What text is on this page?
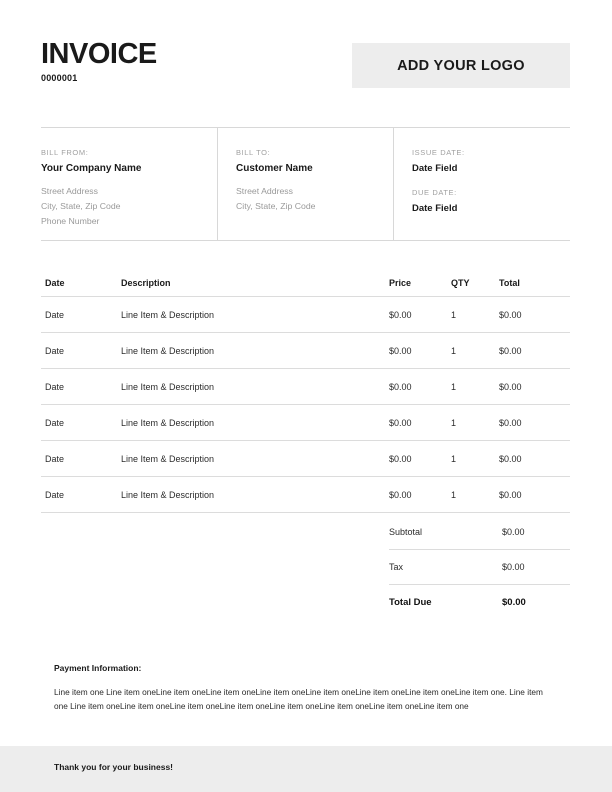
INVOICE
0000001
ADD YOUR LOGO
BILL FROM:
Your Company Name
Street Address
City, State, Zip Code
Phone Number
BILL TO:
Customer Name
Street Address
City, State, Zip Code
ISSUE DATE:
Date Field
DUE DATE:
Date Field
Date	Description	Price	QTY	Total
Date	Line Item & Description	$0.00	1	$0.00
Date	Line Item & Description	$0.00	1	$0.00
Date	Line Item & Description	$0.00	1	$0.00
Date	Line Item & Description	$0.00	1	$0.00
Date	Line Item & Description	$0.00	1	$0.00
Date	Line Item & Description	$0.00	1	$0.00
Subtotal	$0.00
Tax	$0.00
Total Due	$0.00
Payment Information:
Line item one Line item oneLine item oneLine item oneLine item oneLine item oneLine item oneLine item oneLine item one. Line item one Line item oneLine item oneLine item oneLine item oneLine item oneLine item oneLine item oneLine item one
Thank you for your business!
